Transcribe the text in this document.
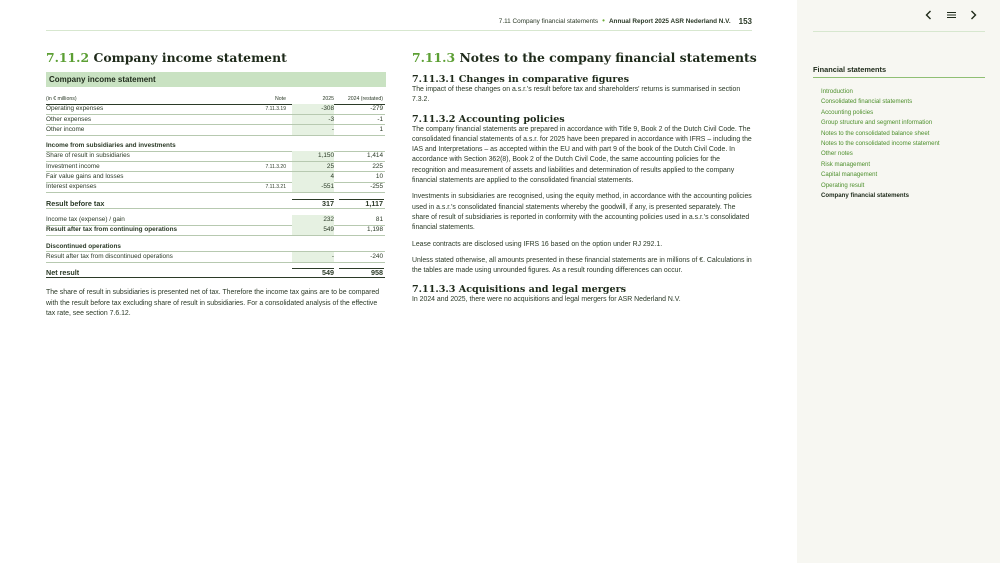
7.11 Company financial statements • Annual Report 2025 ASR Nederland N.V. 153
7.11.2 Company income statement
Company income statement
(in € millions)	Note	2025	2024 (restated)
Operating expenses	7.11.3.19	-308	-279
Other expenses	-3	-1
Other income	-	1
Income from subsidiaries and investments
Share of result in subsidiaries	1,150	1,414
Investment income	7.11.3.20	25	225
Fair value gains and losses	4	10
Interest expenses	7.11.3.21	-551	-255
Result before tax	317	1,117
Income tax (expense) / gain	232	81
Result after tax from continuing operations	549	1,198
Discontinued operations
Result after tax from discontinued operations	-	-240
Net result	549	958
The share of result in subsidiaries is presented net of tax. Therefore the income tax gains are to be compared with the result before tax excluding share of result in subsidiaries. For a consolidated analysis of the effective tax rate, see section 7.6.12.
7.11.3 Notes to the company financial statements
7.11.3.1 Changes in comparative figures
The impact of these changes on a.s.r.'s result before tax and shareholders' returns is summarised in section 7.3.2.
7.11.3.2 Accounting policies
The company financial statements are prepared in accordance with Title 9, Book 2 of the Dutch Civil Code. The consolidated financial statements of a.s.r. for 2025 have been prepared in accordance with IFRS – including the IAS and Interpretations – as accepted within the EU and with part 9 of the book of the Dutch Civil Code. In accordance with Section 362(8), Book 2 of the Dutch Civil Code, the same accounting policies for the recognition and measurement of assets and liabilities and determination of results applied to the company financial statements are applied to the consolidated financial statements.
Investments in subsidiaries are recognised, using the equity method, in accordance with the accounting policies used in a.s.r.'s consolidated financial statements whereby the goodwill, if any, is presented separately. The share of result of subsidiaries is reported in conformity with the accounting policies used in a.s.r.'s consolidated financial statements.
Lease contracts are disclosed using IFRS 16 based on the option under RJ 292.1.
Unless stated otherwise, all amounts presented in these financial statements are in millions of €. Calculations in the tables are made using unrounded figures. As a result rounding differences can occur.
7.11.3.3 Acquisitions and legal mergers
In 2024 and 2025, there were no acquisitions and legal mergers for ASR Nederland N.V.
Financial statements
Introduction
Consolidated financial statements
Accounting policies
Group structure and segment information
Notes to the consolidated balance sheet
Notes to the consolidated income statement
Other notes
Risk management
Capital management
Operating result
Company financial statements
